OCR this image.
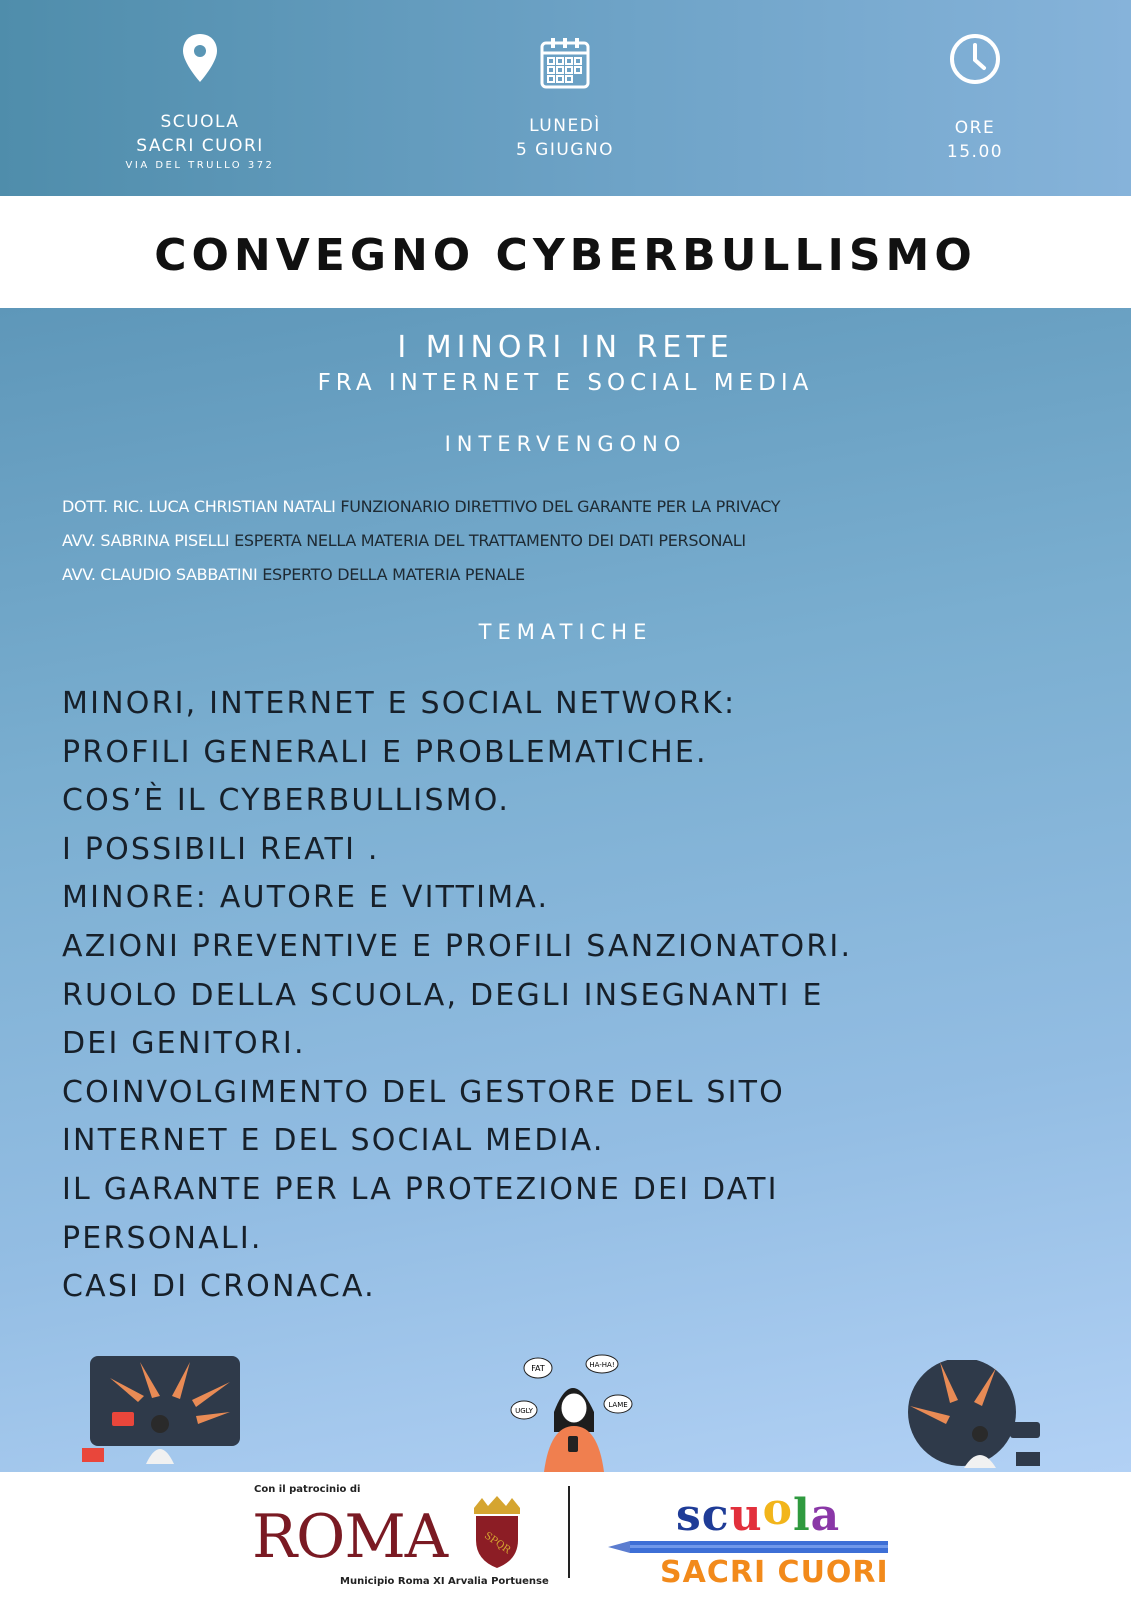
SCUOLA
SACRI CUORI
VIA DEL TRULLO 372
LUNEDÌ
5 GIUGNO
ORE
15.00
CONVEGNO CYBERBULLISMO
I MINORI IN RETE
FRA INTERNET E SOCIAL MEDIA
INTERVENGONO
DOTT. RIC. LUCA CHRISTIAN NATALI FUNZIONARIO DIRETTIVO DEL GARANTE PER LA PRIVACY
AVV. SABRINA PISELLI ESPERTA NELLA MATERIA DEL TRATTAMENTO DEI DATI PERSONALI
AVV. CLAUDIO SABBATINI ESPERTO DELLA MATERIA PENALE
TEMATICHE
MINORI, INTERNET E SOCIAL NETWORK:
PROFILI GENERALI E PROBLEMATICHE.
COS’È IL CYBERBULLISMO.
I POSSIBILI REATI .
MINORE: AUTORE E VITTIMA.
AZIONI PREVENTIVE E PROFILI SANZIONATORI.
RUOLO DELLA SCUOLA, DEGLI INSEGNANTI E
DEI GENITORI.
COINVOLGIMENTO DEL GESTORE DEL SITO
INTERNET E DEL SOCIAL MEDIA.
IL GARANTE PER LA PROTEZIONE DEI DATI
PERSONALI.
CASI DI CRONACA.
FAT	HA-HA!
UGLY
LAME
Con il patrocinio di
ROMA	SPQR
Municipio Roma XI Arvalia Portuense
scuola
SACRI CUORI
